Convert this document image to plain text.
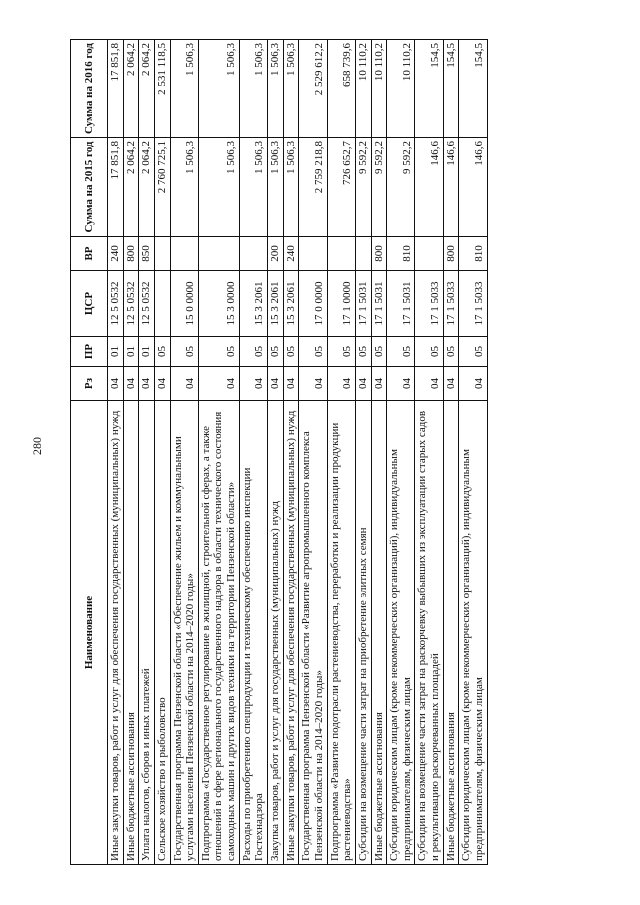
280
Наименование	Рз	ПР	ЦСР	ВР	Сумма на 2015 год	Сумма на 2016 год
Иные закупки товаров, работ и услуг для обеспечения государственных (муниципальных) нужд	04	01	12 5 0532	240	17 851,8	17 851,8
Иные бюджетные ассигнования	04	01	12 5 0532	800	2 064,2	2 064,2
Уплата налогов, сборов и иных платежей	04	01	12 5 0532	850	2 064,2	2 064,2
Сельское хозяйство и рыболовство	04	05			2 760 725,1	2 531 118,5
Государственная программа Пензенской области «Обеспечение жильем и коммунальными услугами населения Пензенской области на 2014–2020 годы»	04	05	15 0 0000		1 506,3	1 506,3
Подпрограмма «Государственное регулирование в жилищной, строительной сферах, а также отношений в сфере регионального государственного надзора в области технического состояния самоходных машин и других видов техники на территории Пензенской области»	04	05	15 3 0000		1 506,3	1 506,3
Расходы по приобретению спецпродукции и техническому обеспечению инспекции Гостехнадзора	04	05	15 3 2061		1 506,3	1 506,3
Закупка товаров, работ и услуг для государственных (муниципальных) нужд	04	05	15 3 2061	200	1 506,3	1 506,3
Иные закупки товаров, работ и услуг для обеспечения государственных (муниципальных) нужд	04	05	15 3 2061	240	1 506,3	1 506,3
Государственная программа Пензенской области «Развитие агропромышленного комплекса Пензенской области на 2014–2020 годы»	04	05	17 0 0000		2 759 218,8	2 529 612,2
Подпрограмма «Развитие подотрасли растениеводства, переработки и реализации продукции растениеводства»	04	05	17 1 0000		726 652,7	658 739,6
Субсидии на возмещение части затрат на приобретение элитных семян	04	05	17 1 5031		9 592,2	10 110,2
Иные бюджетные ассигнования	04	05	17 1 5031	800	9 592,2	10 110,2
Субсидии юридическим лицам (кроме некоммерческих организаций), индивидуальным предпринимателям, физическим лицам	04	05	17 1 5031	810	9 592,2	10 110,2
Субсидии на возмещение части затрат на раскорчевку выбывших из эксплуатации старых садов и рекультивацию раскорчеванных площадей	04	05	17 1 5033		146,6	154,5
Иные бюджетные ассигнования	04	05	17 1 5033	800	146,6	154,5
Субсидии юридическим лицам (кроме некоммерческих организаций), индивидуальным предпринимателям, физическим лицам	04	05	17 1 5033	810	146,6	154,5
